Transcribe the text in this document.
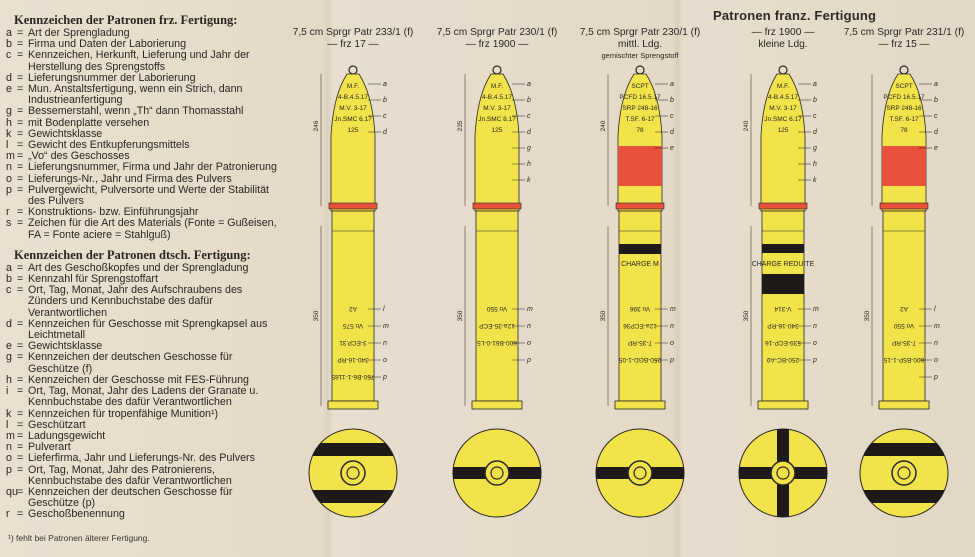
Kennzeichen der Patronen frz. Fertigung:
a = Art der Sprengladung
b = Firma und Daten der Laborierung
c = Kennzeichen, Herkunft, Lieferung und Jahr der Herstellung des Sprengstoffs
d = Lieferungsnummer der Laborierung
e = Mun. Anstaltsfertigung, wenn ein Strich, dann Industrieanfertigung
g = Bessemerstahl, wenn „Th“ dann Thomasstahl
h = mit Bodenplatte versehen
k = Gewichtsklasse
l = Gewicht des Entkupferungsmittels
m = „Vo“ des Geschosses
n = Lieferungsnummer, Firma und Jahr der Patronierung
o = Lieferungs-Nr., Jahr und Firma des Pulvers
p = Pulvergewicht, Pulversorte und Werte der Stabilität des Pulvers
r = Konstruktions- bzw. Einführungsjahr
s = Zeichen für die Art des Materials (Fonte = Gußeisen, FA = Fonte aciere = Stahlguß)
Kennzeichen der Patronen dtsch. Fertigung:
a = Art des Geschoßkopfes und der Sprengladung
b = Kennzahl für Sprengstoffart
c = Ort, Tag, Monat, Jahr des Aufschraubens des Zünders und Kennbuchstabe des dafür Verantwortlichen
d = Kennzeichen für Geschosse mit Sprengkapsel aus Leichtmetall
e = Gewichtsklasse
g = Kennzeichen der deutschen Geschosse für Geschütze (f)
h = Kennzeichen der Geschosse mit FES-Führung
i = Ort, Tag, Monat, Jahr des Ladens der Granate u. Kennbuchstabe des dafür Verantwortlichen
k = Kennzeichen für tropenfähige Munition¹)
l = Geschützart
m = Ladungsgewicht
n = Pulverart
o = Lieferfirma, Jahr und Lieferungs-Nr. des Pulvers
p = Ort, Tag, Monat, Jahr des Patronierens, Kennbuchstabe des dafür Verantwortlichen
qu = Kennzeichen der deutschen Geschosse für Geschütze (p)
r = Geschoßbenennung
¹) fehlt bei Patronen älterer Fertigung.
Patronen franz. Fertigung
7,5 cm Sprgr Patr 233/1 (f)
— frz 17 —
M.F.
4-B.4.5.17
M.V. 3-17
Jn.SMC 6.17
125
A2
Vo 575
3-ECP.31
340-16-RP
750-B6-1-1185
a
b
c
d
l
m
n
o
p
246
350
7,5 cm Sprgr Patr 230/1 (f)
— frz 1900 —
M.F.
4-B.4.5.17
M.V. 3-17
Jn.SMC 8.17
125
Vo 550
12a-35-ECP
600-B61-0-L5
a
b
c
d
g
h
k
m
n
o
p
235
350
7,5 cm Sprgr Patr 230/1 (f)
mittl. Ldg.
gemischter Sprengstoff
CHARGE M
SCPT
PCFD 16.5.17
SRP 248-16
T.SF. 6-17
78
Vo 396
12a-ECP36
7-35-RP
250-BGD-1-05
a
b
c
d
e
m
n
o
p
240
350
— frz 1900 —
kleine Ldg.
CHARGE REDUITE
M.F.
4-B.4.5.17
M.V. 3-17
Jn.SMC 6.17
125
V-314
340-16-RP
539-ECP-16
250-BC-A9
a
b
c
d
g
h
k
m
n
o
p
240
350
7,5 cm Sprgr Patr 231/1 (f)
— frz 15 —
SCPT
PCFD 16.5.17
SRP 248-16
T.SF. 6-17
78
A2
Vo 550
7-35-RP
600-B5P-1-15
a
b
c
d
e
l
m
n
o
p
350
